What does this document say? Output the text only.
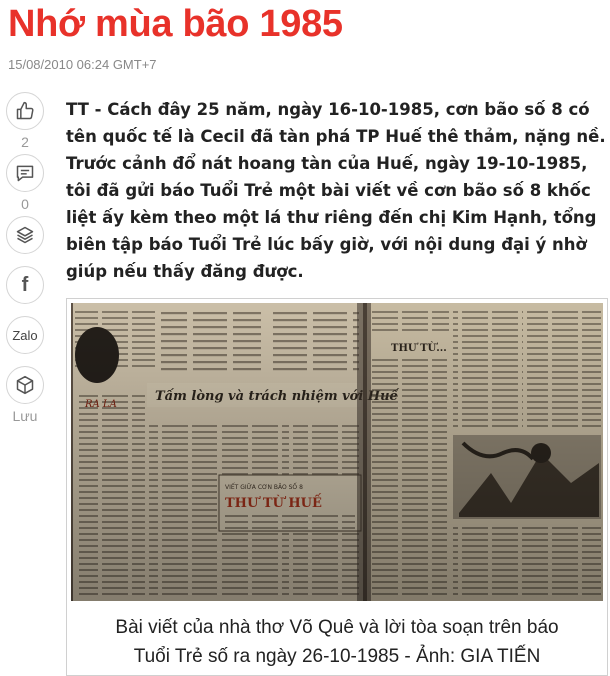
Nhớ mùa bão 1985
15/08/2010 06:24 GMT+7
2
0
f
Zalo
Lưu

TT - Cách đây 25 năm, ngày 16-10-1985, cơn bão số 8 có tên quốc tế là Cecil đã tàn phá TP Huế thê thảm, nặng nề. Trước cảnh đổ nát hoang tàn của Huế, ngày 19-10-1985, tôi đã gửi báo Tuổi Trẻ một bài viết về cơn bão số 8 khốc liệt ấy kèm theo một lá thư riêng đến chị Kim Hạnh, tổng biên tập báo Tuổi Trẻ lúc bấy giờ, với nội dung đại ý nhờ giúp nếu thấy đăng được.

Bài viết của nhà thơ Võ Quê và lời tòa soạn trên báo
Tuổi Trẻ số ra ngày 26-10-1985 - Ảnh: GIA TIẾN
